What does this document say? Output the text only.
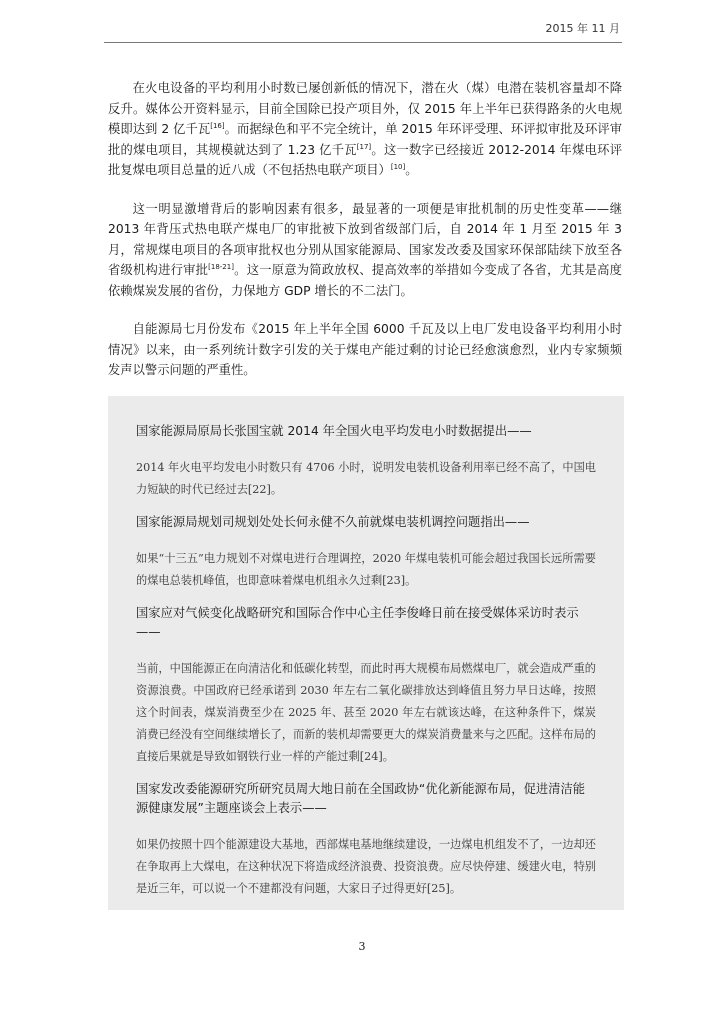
2015 年 11 月

在火电设备的平均利用小时数已屡创新低的情况下，潜在火（煤）电潜在装机容量却不降反升。媒体公开资料显示，目前全国除已投产项目外，仅 2015 年上半年已获得路条的火电规模即达到 2 亿千瓦[16]。而据绿色和平不完全统计，单 2015 年环评受理、环评拟审批及环评审批的煤电项目，其规模就达到了 1.23 亿千瓦[17]。这一数字已经接近 2012-2014 年煤电环评批复煤电项目总量的近八成（不包括热电联产项目）[10]。

这一明显激增背后的影响因素有很多，最显著的一项便是审批机制的历史性变革——继 2013 年背压式热电联产煤电厂的审批被下放到省级部门后，自 2014 年 1 月至 2015 年 3 月，常规煤电项目的各项审批权也分别从国家能源局、国家发改委及国家环保部陆续下放至各省级机构进行审批[18-21]。这一原意为简政放权、提高效率的举措如今变成了各省，尤其是高度依赖煤炭发展的省份，力保地方 GDP 增长的不二法门。

自能源局七月份发布《2015 年上半年全国 6000 千瓦及以上电厂发电设备平均利用小时情况》以来，由一系列统计数字引发的关于煤电产能过剩的讨论已经愈演愈烈，业内专家频频发声以警示问题的严重性。

国家能源局原局长张国宝就 2014 年全国火电平均发电小时数据提出——

2014 年火电平均发电小时数只有 4706 小时，说明发电装机设备利用率已经不高了，中国电力短缺的时代已经过去[22]。

国家能源局规划司规划处处长何永健不久前就煤电装机调控问题指出——

如果“十三五”电力规划不对煤电进行合理调控，2020 年煤电装机可能会超过我国长远所需要的煤电总装机峰值，也即意味着煤电机组永久过剩[23]。

国家应对气候变化战略研究和国际合作中心主任李俊峰日前在接受媒体采访时表示——

当前，中国能源正在向清洁化和低碳化转型，而此时再大规模布局燃煤电厂，就会造成严重的资源浪费。中国政府已经承诺到 2030 年左右二氧化碳排放达到峰值且努力早日达峰，按照这个时间表，煤炭消费至少在 2025 年、甚至 2020 年左右就该达峰，在这种条件下，煤炭消费已经没有空间继续增长了，而新的装机却需要更大的煤炭消费量来与之匹配。这样布局的直接后果就是导致如钢铁行业一样的产能过剩[24]。

国家发改委能源研究所研究员周大地日前在全国政协“优化新能源布局，促进清洁能源健康发展”主题座谈会上表示——

如果仍按照十四个能源建设大基地，西部煤电基地继续建设，一边煤电机组发不了，一边却还在争取再上大煤电，在这种状况下将造成经济浪费、投资浪费。应尽快停建、缓建火电，特别是近三年，可以说一个不建都没有问题，大家日子过得更好[25]。

3
